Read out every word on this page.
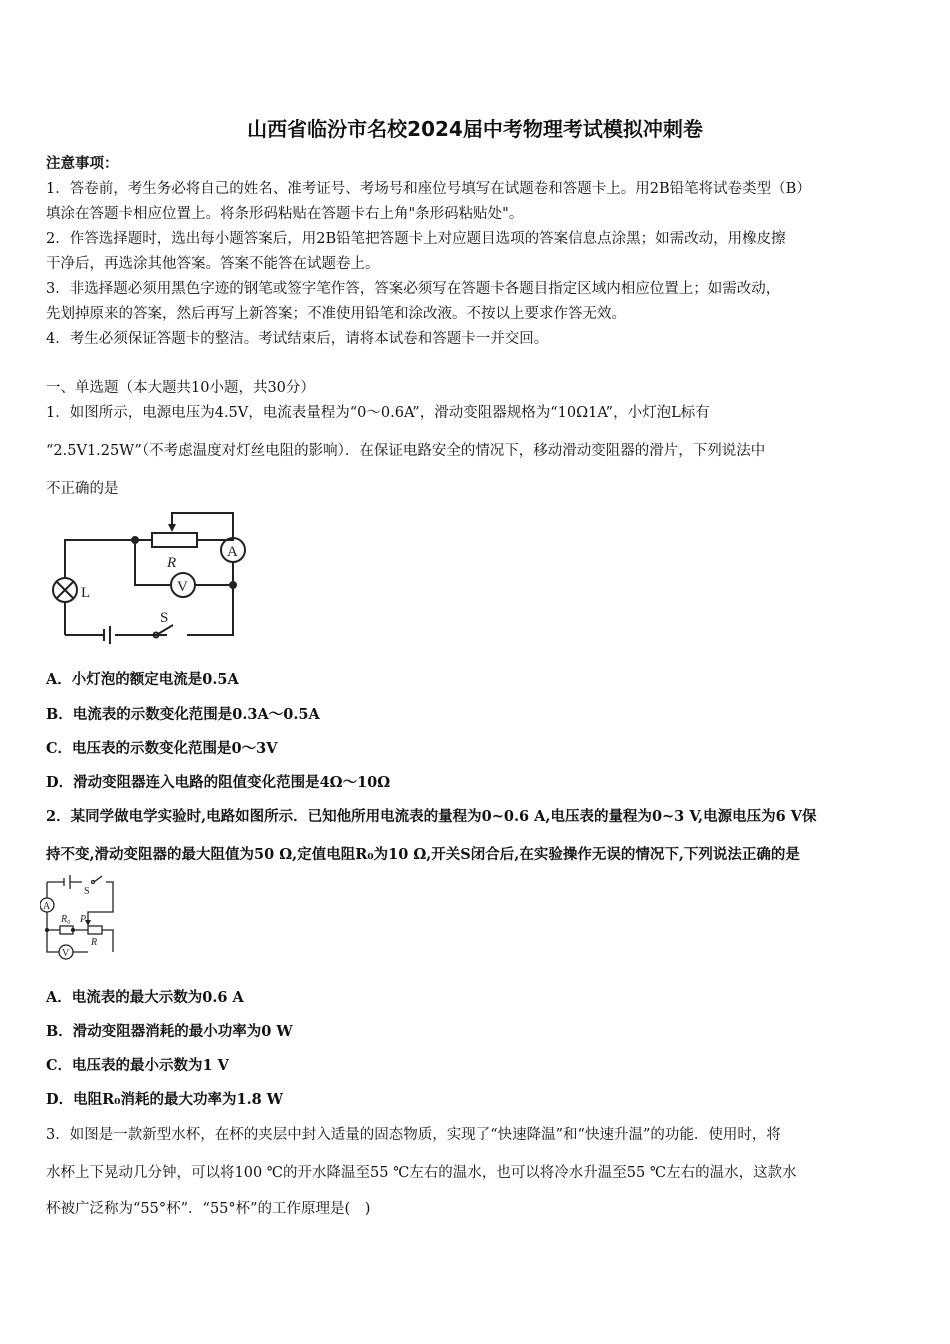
山西省临汾市名校2024届中考物理考试模拟冲刺卷
注意事项：
1．答卷前，考生务必将自己的姓名、准考证号、考场号和座位号填写在试题卷和答题卡上。用2B铅笔将试卷类型（B）
填涂在答题卡相应位置上。将条形码粘贴在答题卡右上角"条形码粘贴处"。
2．作答选择题时，选出每小题答案后，用2B铅笔把答题卡上对应题目选项的答案信息点涂黑；如需改动，用橡皮擦
干净后，再选涂其他答案。答案不能答在试题卷上。
3．非选择题必须用黑色字迹的钢笔或签字笔作答，答案必须写在答题卡各题目指定区域内相应位置上；如需改动，
先划掉原来的答案，然后再写上新答案；不准使用铅笔和涂改液。不按以上要求作答无效。
4．考生必须保证答题卡的整洁。考试结束后，请将本试卷和答题卡一并交回。
一、单选题（本大题共10小题，共30分）
1．如图所示，电源电压为4.5V，电流表量程为“0～0.6A”，滑动变阻器规格为“10Ω1A”，小灯泡L标有
“2.5V1.25W”（不考虑温度对灯丝电阻的影响）．在保证电路安全的情况下，移动滑动变阻器的滑片，下列说法中
不正确的是
R
A
V
L
S
A．小灯泡的额定电流是0.5A
B．电流表的示数变化范围是0.3A～0.5A
C．电压表的示数变化范围是0～3V
D．滑动变阻器连入电路的阻值变化范围是4Ω～10Ω
2．某同学做电学实验时,电路如图所示．已知他所用电流表的量程为0~0.6 A,电压表的量程为0~3 V,电源电压为6 V保
持不变,滑动变阻器的最大阻值为50 Ω,定值电阻R₀为10 Ω,开关S闭合后,在实验操作无误的情况下,下列说法正确的是
S
A
R₀ P
R
V
A．电流表的最大示数为0.6 A
B．滑动变阻器消耗的最小功率为0 W
C．电压表的最小示数为1 V
D．电阻R₀消耗的最大功率为1.8 W
3．如图是一款新型水杯，在杯的夹层中封入适量的固态物质，实现了“快速降温”和“快速升温”的功能．使用时，将
水杯上下晃动几分钟，可以将100 ℃的开水降温至55 ℃左右的温水，也可以将冷水升温至55 ℃左右的温水，这款水
杯被广泛称为“55°杯”．“55°杯”的工作原理是(　)
